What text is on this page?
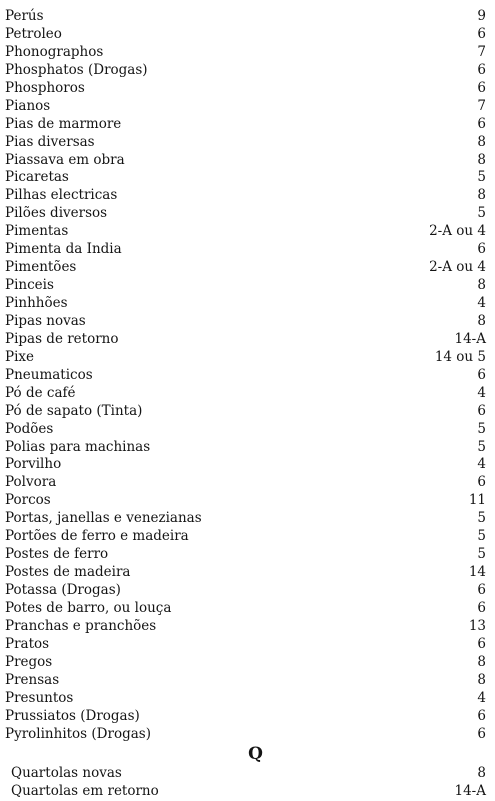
Perús	9
Petroleo	6
Phonographos	7
Phosphatos (Drogas)	6
Phosphoros	6
Pianos	7
Pias de marmore	6
Pias diversas	8
Piassava em obra	8
Picaretas	5
Pilhas electricas	8
Pilões diversos	5
Pimentas	2-A ou 4
Pimenta da India	6
Pimentões	2-A ou 4
Pinceis	8
Pinhhões	4
Pipas novas	8
Pipas de retorno	14-A
Pixe	14 ou 5
Pneumaticos	6
Pó de café	4
Pó de sapato (Tinta)	6
Podões	5
Polias para machinas	5
Porvilho	4
Polvora	6
Porcos	11
Portas, janellas e venezianas	5
Portões de ferro e madeira	5
Postes de ferro	5
Postes de madeira	14
Potassa (Drogas)	6
Potes de barro, ou louça	6
Pranchas e pranchões	13
Pratos	6
Pregos	8
Prensas	8
Presuntos	4
Prussiatos (Drogas)	6
Pyrolinhitos (Drogas)	6
Q
Quartolas novas	8
Quartolas em retorno	14-A
